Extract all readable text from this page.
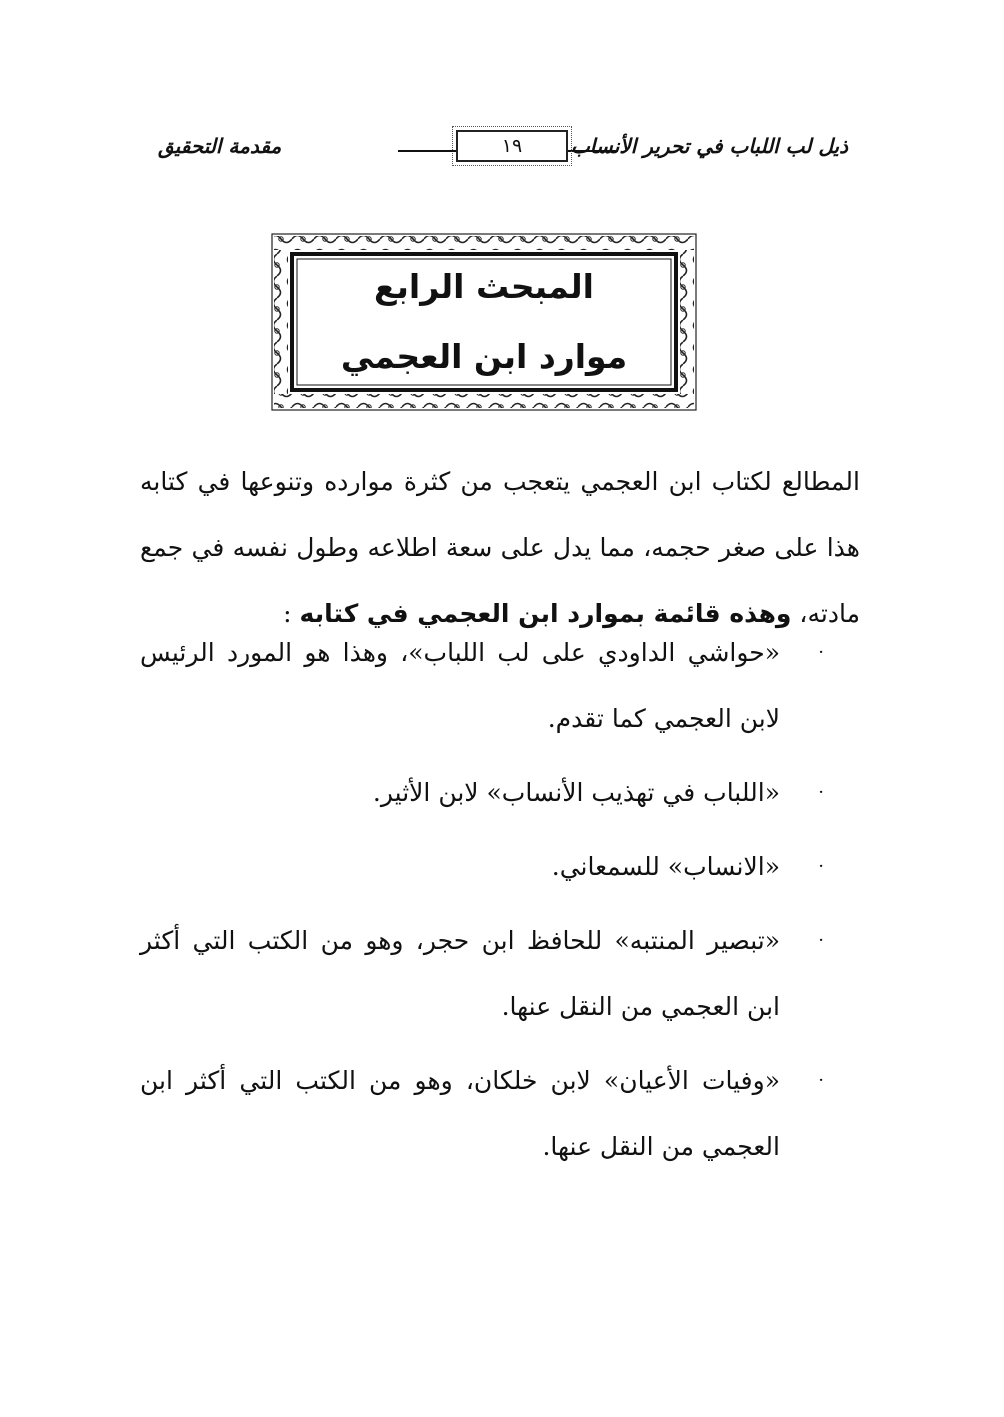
ذيل لب اللباب في تحرير الأنساب
١٩
مقدمة التحقيق
المبحث الرابع
موارد ابن العجمي

المطالع لكتاب ابن العجمي يتعجب من كثرة موارده وتنوعها في كتابه هذا على صغر حجمه، مما يدل على سعة اطلاعه وطول نفسه في جمع مادته، وهذه قائمة بموارد ابن العجمي في كتابه :

·
«حواشي الداودي على لب اللباب»، وهذا هو المورد الرئيس لابن العجمي كما تقدم.
·
«اللباب في تهذيب الأنساب» لابن الأثير.
·
«الانساب» للسمعاني.
·
«تبصير المنتبه» للحافظ ابن حجر، وهو من الكتب التي أكثر ابن العجمي من النقل عنها.
·
«وفيات الأعيان» لابن خلكان، وهو من الكتب التي أكثر ابن العجمي من النقل عنها.
